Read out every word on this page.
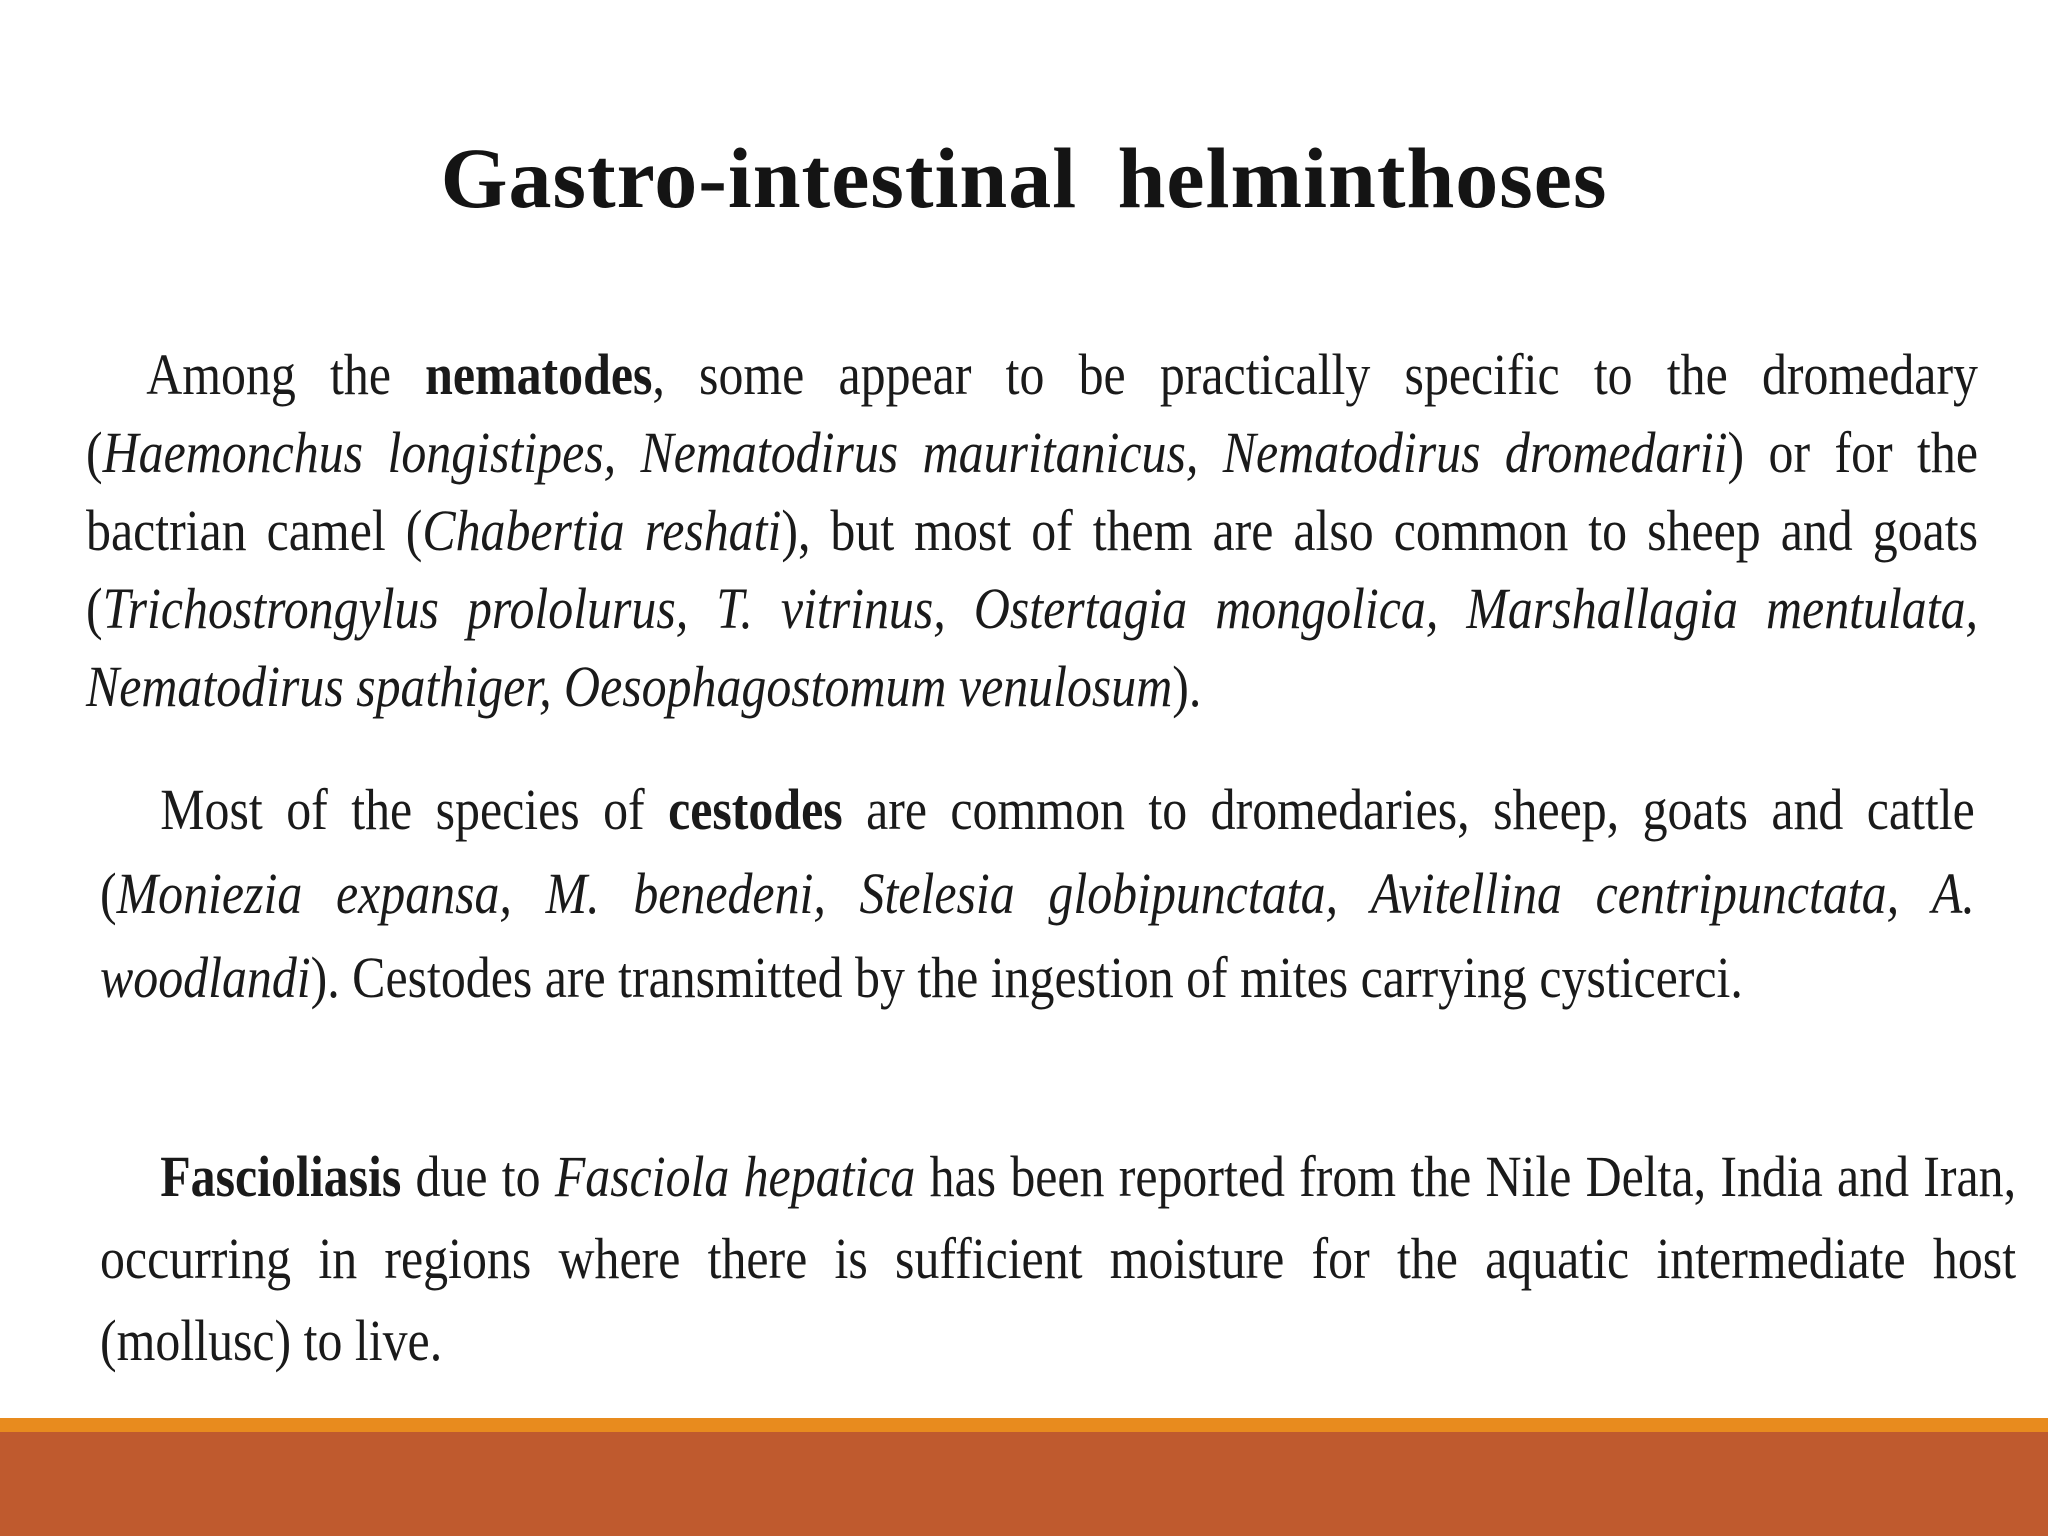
Gastro-intestinal helminthoses

Among the nematodes, some appear to be practically specific to the dromedary (Haemonchus longistipes, Nematodirus mauritanicus, Nematodirus dromedarii) or for the bactrian camel (Chabertia reshati), but most of them are also common to sheep and goats (Trichostrongylus prololurus, T. vitrinus, Ostertagia mongolica, Marshallagia mentulata, Nematodirus spathiger, Oesophagostomum venulosum).

Most of the species of cestodes are common to dromedaries, sheep, goats and cattle (Moniezia expansa, M. benedeni, Stelesia globipunctata, Avitellina centripunctata, A. woodlandi). Cestodes are transmitted by the ingestion of mites carrying cysticerci.

Fascioliasis due to Fasciola hepatica has been reported from the Nile Delta, India and Iran, occurring in regions where there is sufficient moisture for the aquatic intermediate host (mollusc) to live.
